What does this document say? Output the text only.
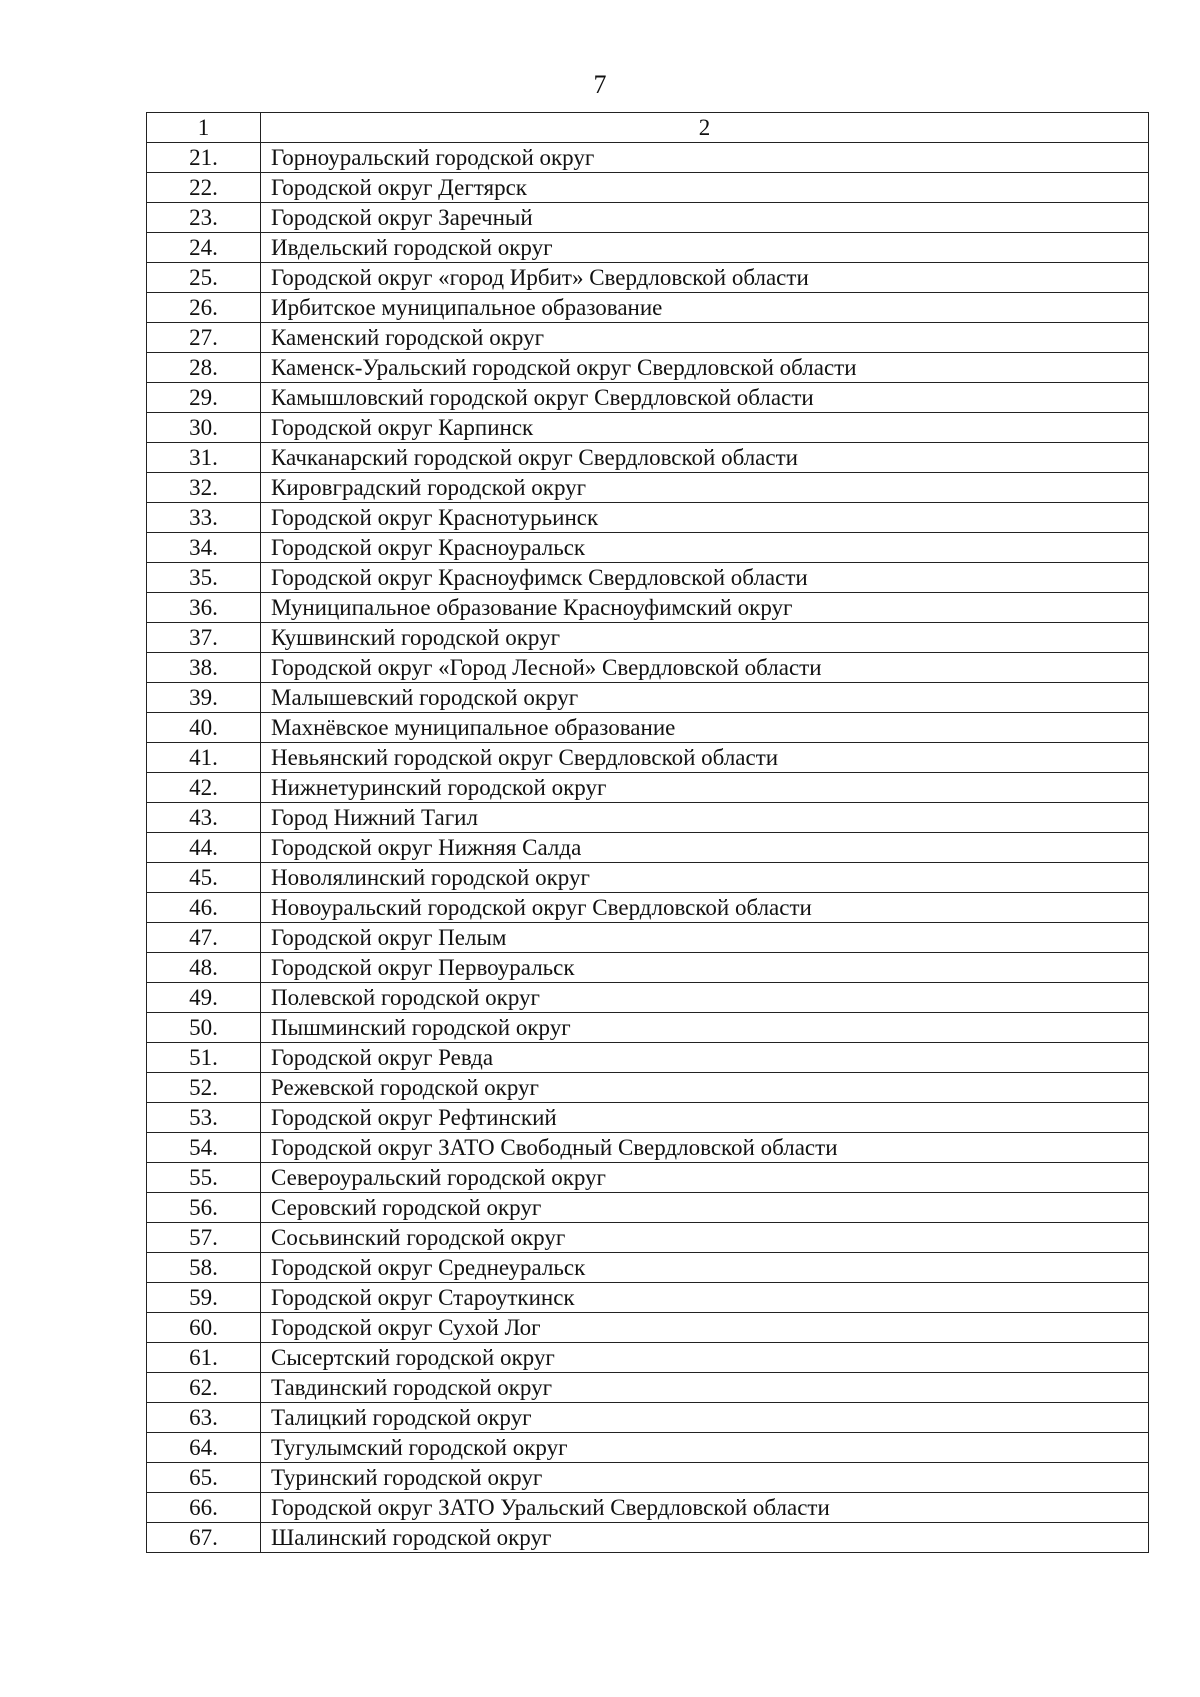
7
1	2
21.	Горноуральский городской округ
22.	Городской округ Дегтярск
23.	Городской округ Заречный
24.	Ивдельский городской округ
25.	Городской округ «город Ирбит» Свердловской области
26.	Ирбитское муниципальное образование
27.	Каменский городской округ
28.	Каменск-Уральский городской округ Свердловской области
29.	Камышловский городской округ Свердловской области
30.	Городской округ Карпинск
31.	Качканарский городской округ Свердловской области
32.	Кировградский городской округ
33.	Городской округ Краснотурьинск
34.	Городской округ Красноуральск
35.	Городской округ Красноуфимск Свердловской области
36.	Муниципальное образование Красноуфимский округ
37.	Кушвинский городской округ
38.	Городской округ «Город Лесной» Свердловской области
39.	Малышевский городской округ
40.	Махнёвское муниципальное образование
41.	Невьянский городской округ Свердловской области
42.	Нижнетуринский городской округ
43.	Город Нижний Тагил
44.	Городской округ Нижняя Салда
45.	Новолялинский городской округ
46.	Новоуральский городской округ Свердловской области
47.	Городской округ Пелым
48.	Городской округ Первоуральск
49.	Полевской городской округ
50.	Пышминский городской округ
51.	Городской округ Ревда
52.	Режевской городской округ
53.	Городской округ Рефтинский
54.	Городской округ ЗАТО Свободный Свердловской области
55.	Североуральский городской округ
56.	Серовский городской округ
57.	Сосьвинский городской округ
58.	Городской округ Среднеуральск
59.	Городской округ Староуткинск
60.	Городской округ Сухой Лог
61.	Сысертский городской округ
62.	Тавдинский городской округ
63.	Талицкий городской округ
64.	Тугулымский городской округ
65.	Туринский городской округ
66.	Городской округ ЗАТО Уральский Свердловской области
67.	Шалинский городской округ
